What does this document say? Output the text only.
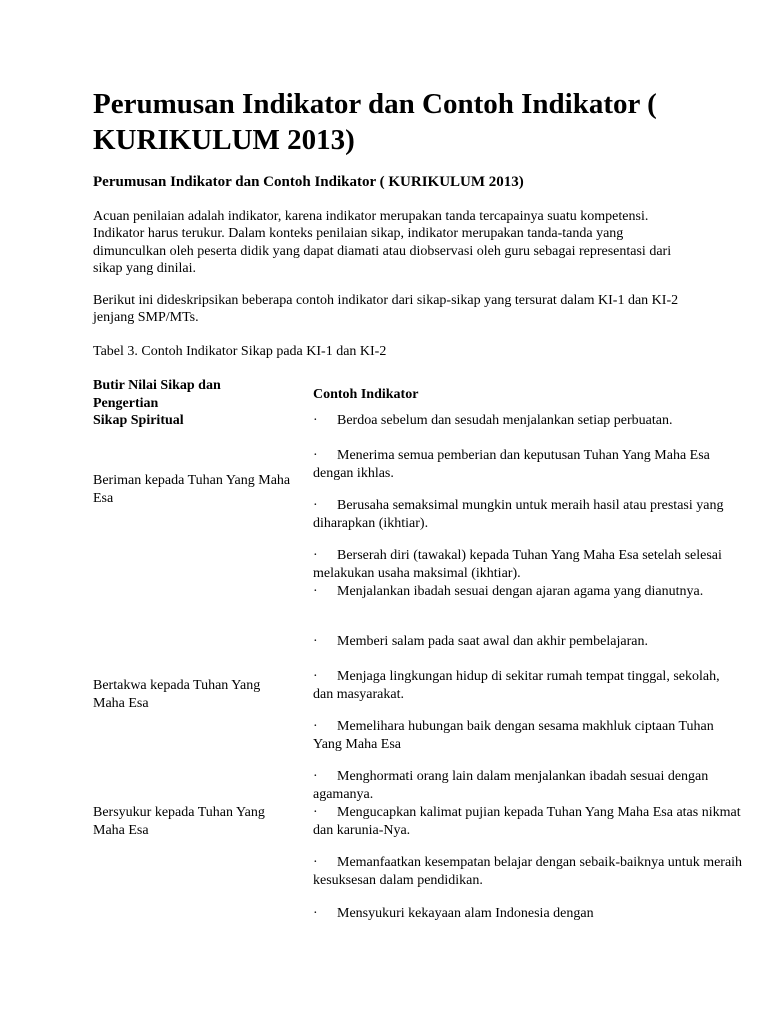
Perumusan Indikator dan Contoh Indikator ( KURIKULUM 2013)
Perumusan Indikator dan Contoh Indikator ( KURIKULUM 2013)

Acuan penilaian adalah indikator, karena indikator merupakan tanda tercapainya suatu kompetensi. Indikator harus terukur. Dalam konteks penilaian sikap, indikator merupakan tanda-tanda yang dimunculkan oleh peserta didik yang dapat diamati atau diobservasi oleh guru sebagai representasi dari sikap yang dinilai.

Berikut ini dideskripsikan beberapa contoh indikator dari sikap-sikap yang tersurat dalam KI-1 dan KI-2 jenjang SMP/MTs.

Tabel 3. Contoh Indikator Sikap pada KI-1 dan KI-2
Butir Nilai Sikap dan Pengertian
Sikap Spiritual
Contoh Indikator
Beriman kepada Tuhan Yang Maha Esa
Bertakwa kepada Tuhan Yang Maha Esa
Bersyukur kepada Tuhan Yang Maha Esa
· Berdoa sebelum dan sesudah menjalankan setiap perbuatan.
· Menerima semua pemberian dan keputusan Tuhan Yang Maha Esa dengan ikhlas.
· Berusaha semaksimal mungkin untuk meraih hasil atau prestasi yang diharapkan (ikhtiar).
· Berserah diri (tawakal) kepada Tuhan Yang Maha Esa setelah selesai melakukan usaha maksimal (ikhtiar).
· Menjalankan ibadah sesuai dengan ajaran agama yang dianutnya.
· Memberi salam pada saat awal dan akhir pembelajaran.
· Menjaga lingkungan hidup di sekitar rumah tempat tinggal, sekolah, dan masyarakat.
· Memelihara hubungan baik dengan sesama makhluk ciptaan Tuhan Yang Maha Esa
· Menghormati orang lain dalam menjalankan ibadah sesuai dengan agamanya.
· Mengucapkan kalimat pujian kepada Tuhan Yang Maha Esa atas nikmat dan karunia-Nya.
· Memanfaatkan kesempatan belajar dengan sebaik-baiknya untuk meraih kesuksesan dalam pendidikan.
· Mensyukuri kekayaan alam Indonesia dengan
